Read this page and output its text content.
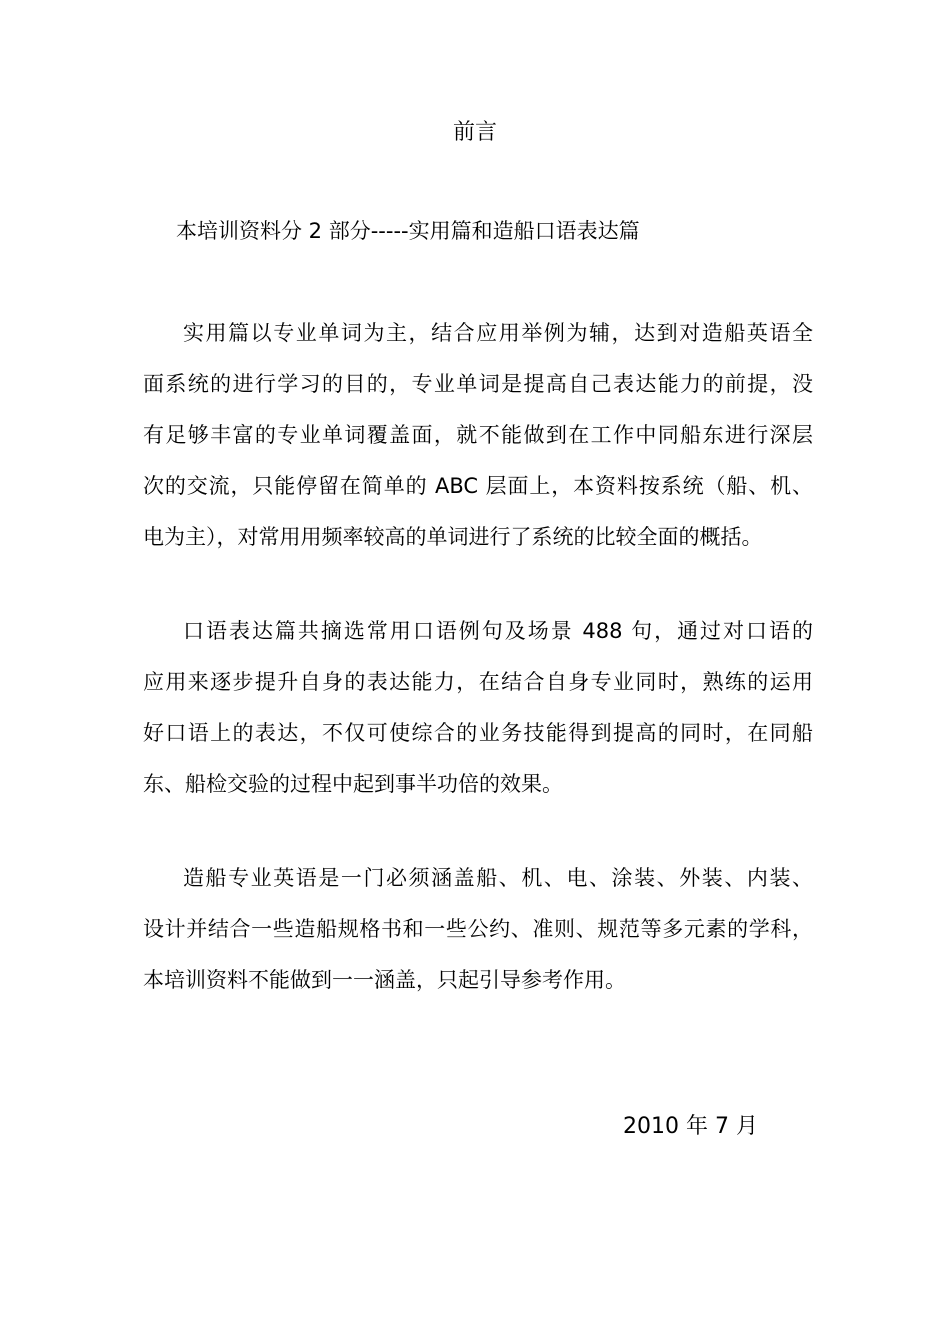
前言
本培训资料分 2 部分-----实用篇和造船口语表达篇
实用篇以专业单词为主，结合应用举例为辅，达到对造船英语全
面系统的进行学习的目的，专业单词是提高自己表达能力的前提，没
有足够丰富的专业单词覆盖面，就不能做到在工作中同船东进行深层
次的交流，只能停留在简单的 ABC 层面上，本资料按系统（船、机、
电为主），对常用用频率较高的单词进行了系统的比较全面的概括。
口语表达篇共摘选常用口语例句及场景 488 句，通过对口语的
应用来逐步提升自身的表达能力，在结合自身专业同时，熟练的运用
好口语上的表达，不仅可使综合的业务技能得到提高的同时，在同船
东、船检交验的过程中起到事半功倍的效果。
造船专业英语是一门必须涵盖船、机、电、涂装、外装、内装、
设计并结合一些造船规格书和一些公约、准则、规范等多元素的学科，
本培训资料不能做到一一涵盖，只起引导参考作用。
2010 年 7 月
